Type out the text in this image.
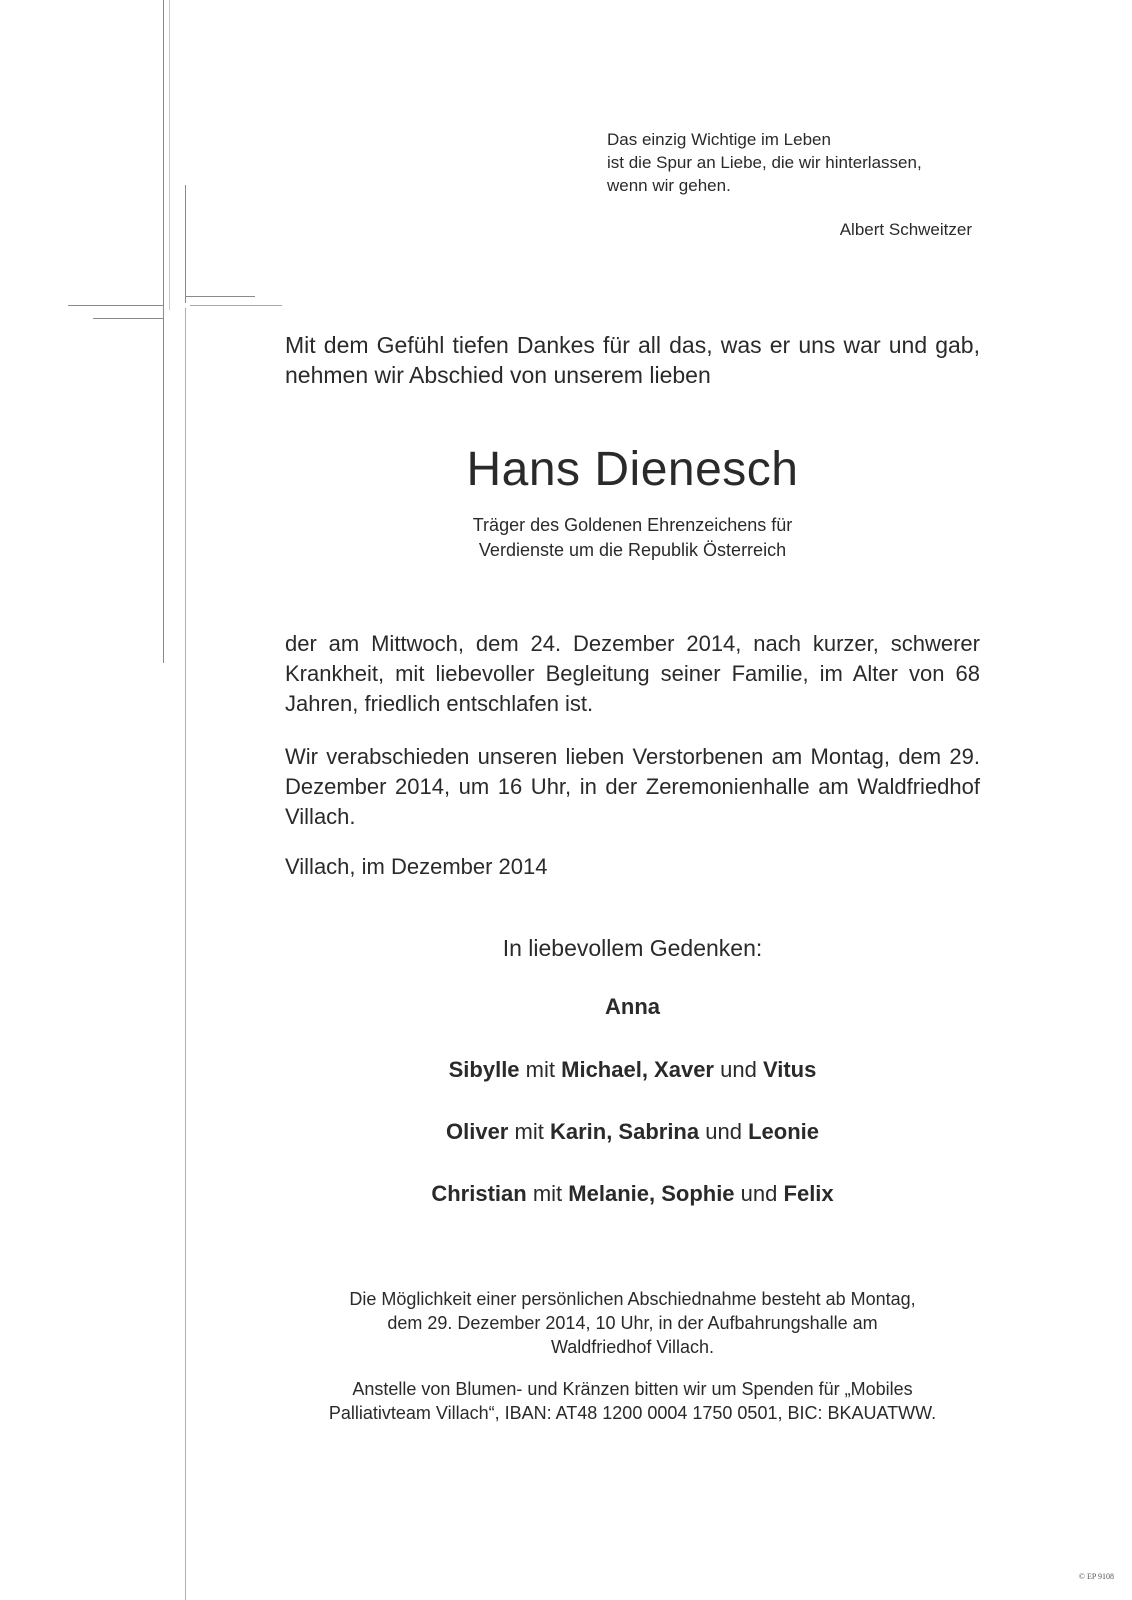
Das einzig Wichtige im Leben
ist die Spur an Liebe, die wir hinterlassen,
wenn wir gehen.
Albert Schweitzer
Mit dem Gefühl tiefen Dankes für all das, was er uns war und gab, nehmen wir Abschied von unserem lieben
Hans Dienesch
Träger des Goldenen Ehrenzeichens für
Verdienste um die Republik Österreich
der am Mittwoch, dem 24. Dezember 2014, nach kurzer, schwerer Krankheit, mit liebevoller Begleitung seiner Familie, im Alter von 68 Jahren, friedlich entschlafen ist.
Wir verabschieden unseren lieben Verstorbenen am Montag, dem 29. Dezember 2014, um 16 Uhr, in der Zeremonienhalle am Waldfriedhof Villach.
Villach, im Dezember 2014
In liebevollem Gedenken:
Anna
Sibylle mit Michael, Xaver und Vitus
Oliver mit Karin, Sabrina und Leonie
Christian mit Melanie, Sophie und Felix
Die Möglichkeit einer persönlichen Abschiednahme besteht ab Montag,
dem 29. Dezember 2014, 10 Uhr, in der Aufbahrungshalle am
Waldfriedhof Villach.
Anstelle von Blumen- und Kränzen bitten wir um Spenden für „Mobiles
Palliativteam Villach“, IBAN: AT48 1200 0004 1750 0501, BIC: BKAUATWW.
© EP 9108
